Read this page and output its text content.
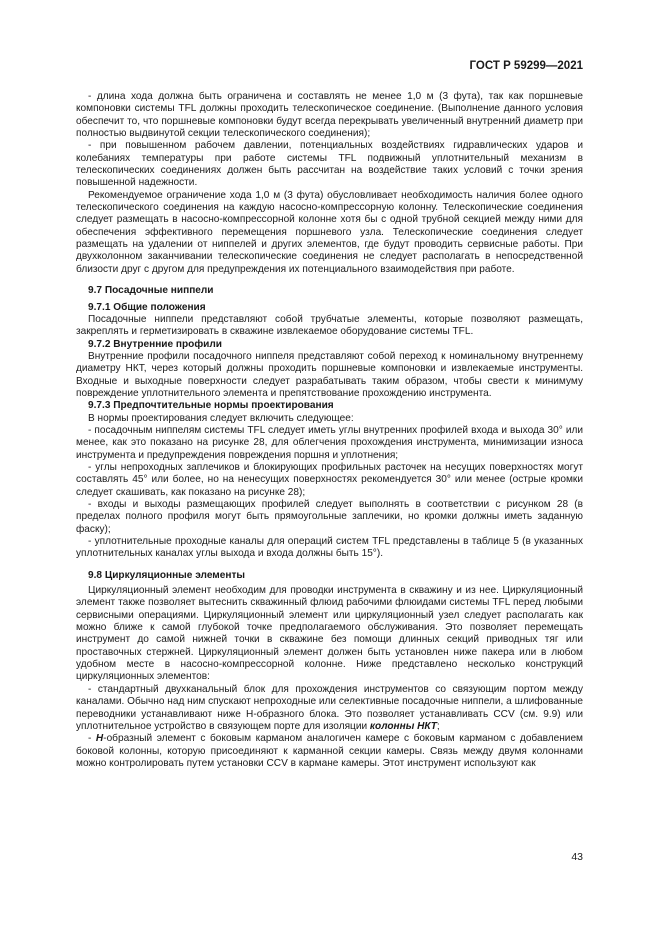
ГОСТ Р 59299—2021

- длина хода должна быть ограничена и составлять не менее 1,0 м (3 фута), так как поршневые компоновки системы TFL должны проходить телескопическое соединение. (Выполнение данного условия обеспечит то, что поршневые компоновки будут всегда перекрывать увеличенный внутренний диаметр при полностью выдвинутой секции телескопического соединения);

- при повышенном рабочем давлении, потенциальных воздействиях гидравлических ударов и колебаниях температуры при работе системы TFL подвижный уплотнительный механизм в телескопических соединениях должен быть рассчитан на воздействие таких условий с точки зрения повышенной надежности.

Рекомендуемое ограничение хода 1,0 м (3 фута) обусловливает необходимость наличия более одного телескопического соединения на каждую насосно-компрессорную колонну. Телескопические соединения следует размещать в насосно-компрессорной колонне хотя бы с одной трубной секцией между ними для обеспечения эффективного перемещения поршневого узла. Телескопические соединения следует размещать на удалении от ниппелей и других элементов, где будут проводить сервисные работы. При двухколонном заканчивании телескопические соединения не следует располагать в непосредственной близости друг с другом для предупреждения их потенциального взаимодействия при работе.

9.7 Посадочные ниппели

9.7.1 Общие положения

Посадочные ниппели представляют собой трубчатые элементы, которые позволяют размещать, закреплять и герметизировать в скважине извлекаемое оборудование системы TFL.

9.7.2 Внутренние профили

Внутренние профили посадочного ниппеля представляют собой переход к номинальному внутреннему диаметру НКТ, через который должны проходить поршневые компоновки и извлекаемые инструменты. Входные и выходные поверхности следует разрабатывать таким образом, чтобы свести к минимуму повреждение уплотнительного элемента и препятствование прохождению инструмента.

9.7.3 Предпочтительные нормы проектирования

В нормы проектирования следует включить следующее:

- посадочным ниппелям системы TFL следует иметь углы внутренних профилей входа и выхода 30° или менее, как это показано на рисунке 28, для облегчения прохождения инструмента, минимизации износа инструмента и предупреждения повреждения поршня и уплотнения;

- углы непроходных заплечиков и блокирующих профильных расточек на несущих поверхностях могут составлять 45° или более, но на ненесущих поверхностях рекомендуется 30° или менее (острые кромки следует скашивать, как показано на рисунке 28);

- входы и выходы размещающих профилей следует выполнять в соответствии с рисунком 28 (в пределах полного профиля могут быть прямоугольные заплечики, но кромки должны иметь заданную фаску);

- уплотнительные проходные каналы для операций систем TFL представлены в таблице 5 (в указанных уплотнительных каналах углы выхода и входа должны быть 15°).

9.8 Циркуляционные элементы

Циркуляционный элемент необходим для проводки инструмента в скважину и из нее. Циркуляционный элемент также позволяет вытеснить скважинный флюид рабочими флюидами системы TFL перед любыми сервисными операциями. Циркуляционный элемент или циркуляционный узел следует располагать как можно ближе к самой глубокой точке предполагаемого обслуживания. Это позволяет перемещать инструмент до самой нижней точки в скважине без помощи длинных секций приводных тяг или проставочных стержней. Циркуляционный элемент должен быть установлен ниже пакера или в любом удобном месте в насосно-компрессорной колонне. Ниже представлено несколько конструкций циркуляционных элементов:

- стандартный двухканальный блок для прохождения инструментов со связующим портом между каналами. Обычно над ним спускают непроходные или селективные посадочные ниппели, а шлифованные переводники устанавливают ниже Н-образного блока. Это позволяет устанавливать CCV (см. 9.9) или уплотнительное устройство в связующем порте для изоляции колонны НКТ;

- Н-образный элемент с боковым карманом аналогичен камере с боковым карманом с добавлением боковой колонны, которую присоединяют к карманной секции камеры. Связь между двумя колоннами можно контролировать путем установки CCV в кармане камеры. Этот инструмент используют как

43
